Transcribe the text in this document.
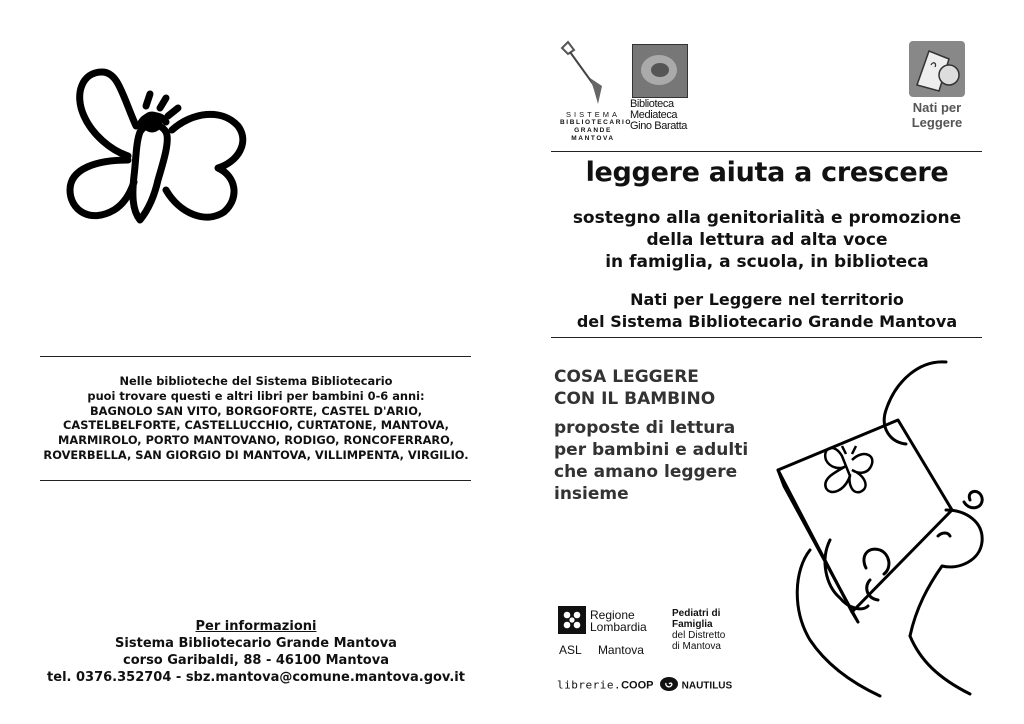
Nelle biblioteche del Sistema Bibliotecario
puoi trovare questi e altri libri per bambini 0-6 anni:
BAGNOLO SAN VITO, BORGOFORTE, CASTEL D'ARIO,
CASTELBELFORTE, CASTELLUCCHIO, CURTATONE, MANTOVA,
MARMIROLO, PORTO MANTOVANO, RODIGO, RONCOFERRARO,
ROVERBELLA, SAN GIORGIO DI MANTOVA, VILLIMPENTA, VIRGILIO.
Per informazioni
Sistema Bibliotecario Grande Mantova
corso Garibaldi, 88 - 46100 Mantova
tel. 0376.352704 - sbz.mantova@comune.mantova.gov.it
SISTEMA
BIBLIOTECARIO
GRANDE MANTOVA
Biblioteca
Mediateca
Gino Baratta
Nati per
Leggere
leggere aiuta a crescere
sostegno alla genitorialità e promozione
della lettura ad alta voce
in famiglia, a scuola, in biblioteca
Nati per Leggere nel territorio
del Sistema Bibliotecario Grande Mantova
COSA LEGGERE
CON IL BAMBINO
proposte di lettura
per bambini e adulti
che amano leggere
insieme
Regione
Lombardia
ASL Mantova
Pediatri di
Famiglia
del Distretto
di Mantova
librerie.COOP	NAUTILUS
